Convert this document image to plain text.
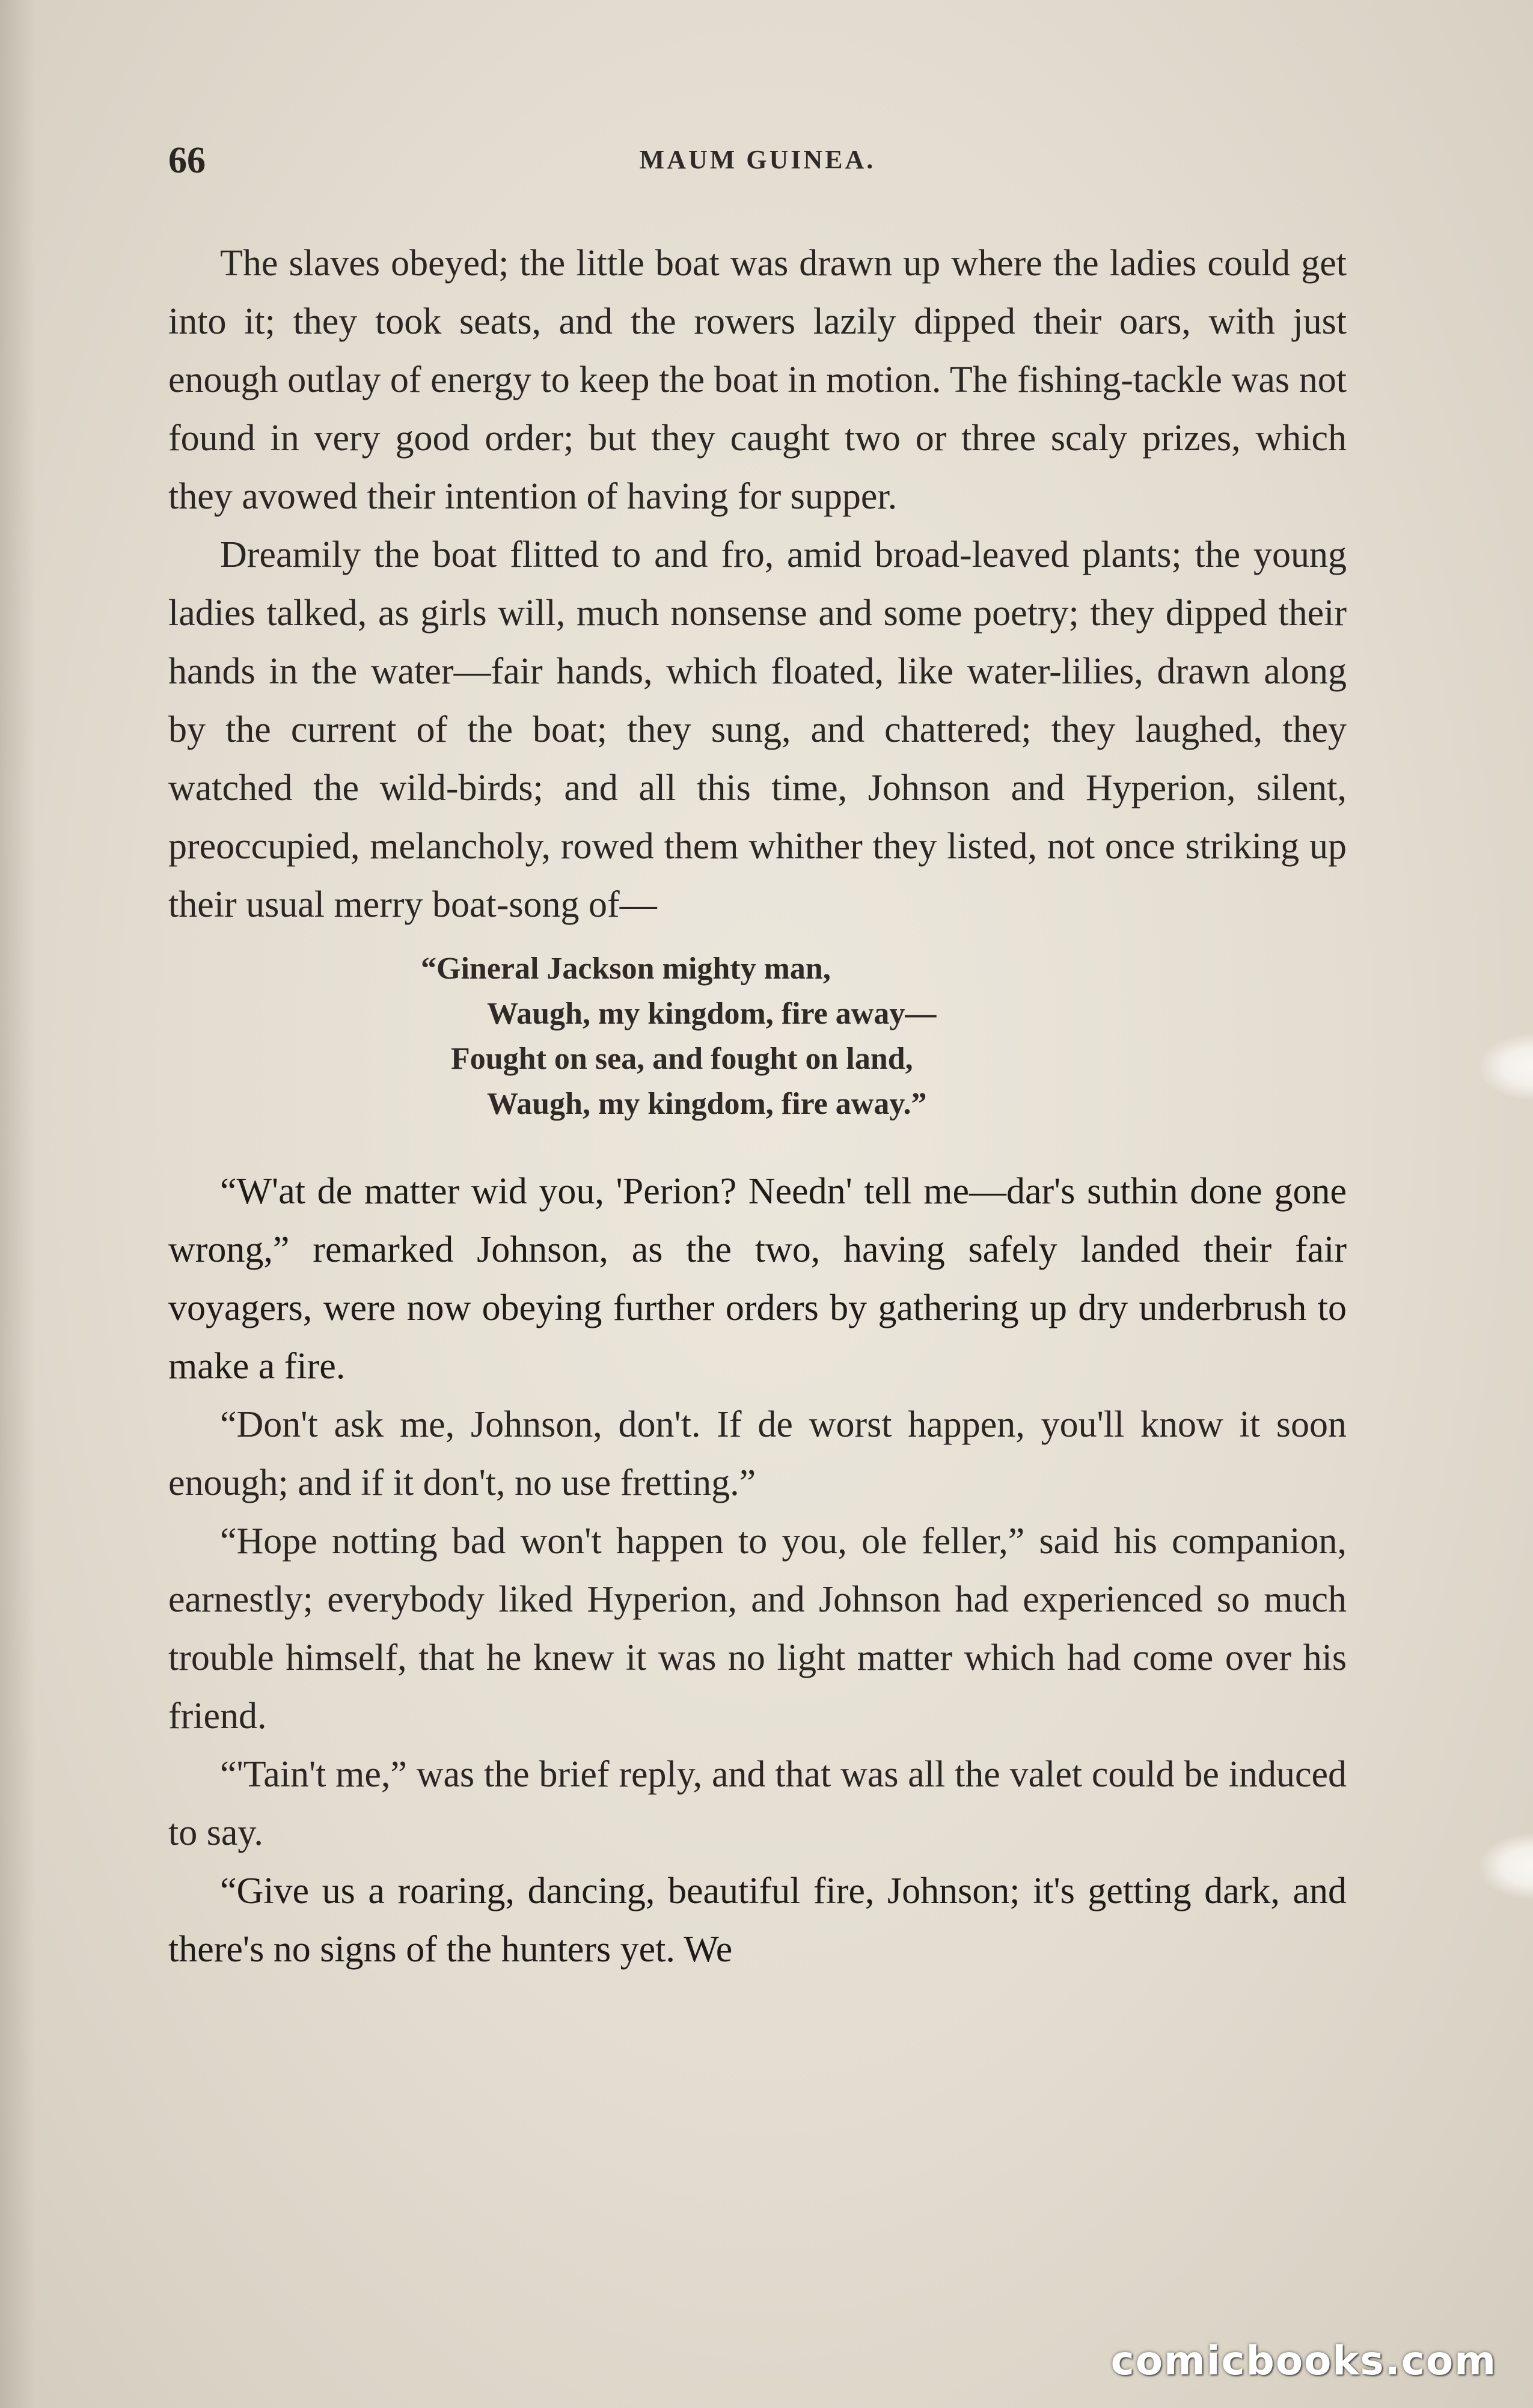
66	MAUM GUINEA.

The slaves obeyed; the little boat was drawn up where the ladies could get into it; they took seats, and the rowers lazily dipped their oars, with just enough outlay of energy to keep the boat in motion. The fishing-tackle was not found in very good order; but they caught two or three scaly prizes, which they avowed their intention of having for supper.

Dreamily the boat flitted to and fro, amid broad-leaved plants; the young ladies talked, as girls will, much nonsense and some poetry; they dipped their hands in the water—fair hands, which floated, like water-lilies, drawn along by the current of the boat; they sung, and chattered; they laughed, they watched the wild-birds; and all this time, Johnson and Hyperion, silent, preoccupied, melancholy, rowed them whither they listed, not once striking up their usual merry boat-song of—

“Gineral Jackson mighty man,
Waugh, my kingdom, fire away—
Fought on sea, and fought on land,
Waugh, my kingdom, fire away.”

“W'at de matter wid you, 'Perion? Needn' tell me—dar's suthin done gone wrong,” remarked Johnson, as the two, having safely landed their fair voyagers, were now obeying further orders by gathering up dry underbrush to make a fire.

“Don't ask me, Johnson, don't. If de worst happen, you'll know it soon enough; and if it don't, no use fretting.”

“Hope notting bad won't happen to you, ole feller,” said his companion, earnestly; everybody liked Hyperion, and Johnson had experienced so much trouble himself, that he knew it was no light matter which had come over his friend.

“'Tain't me,” was the brief reply, and that was all the valet could be induced to say.

“Give us a roaring, dancing, beautiful fire, Johnson; it's getting dark, and there's no signs of the hunters yet. We

comicbooks.com
